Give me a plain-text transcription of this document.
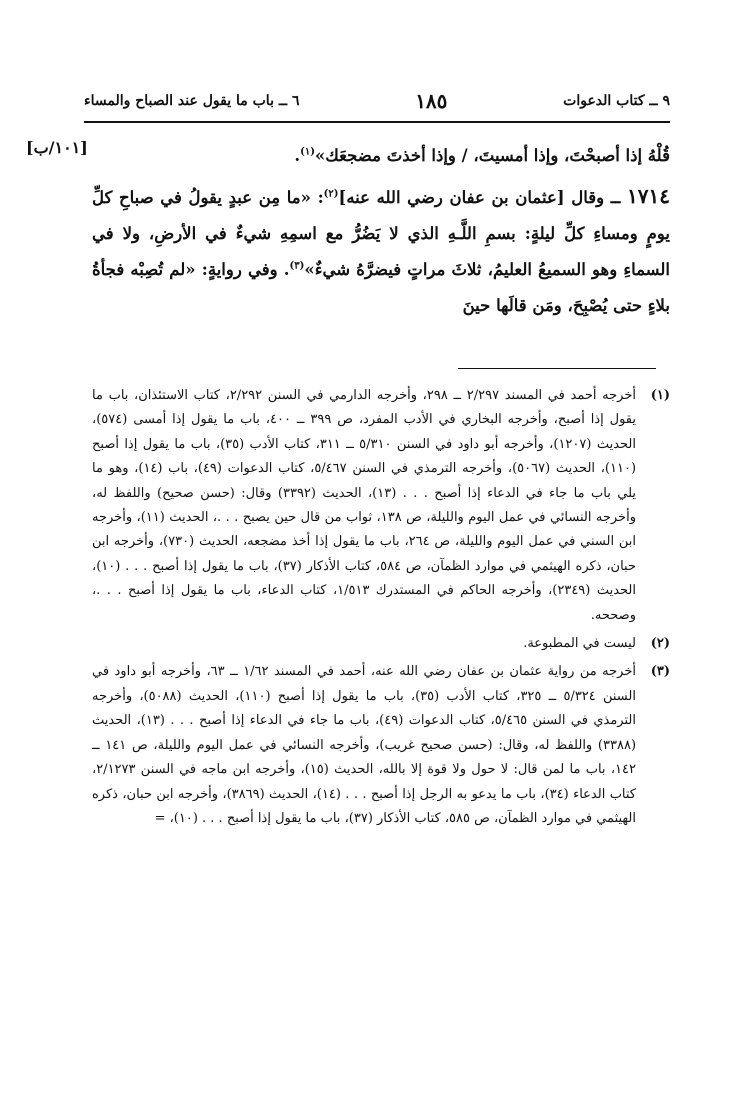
٩ ــ كتاب الدعوات
١٨٥
٦ ــ باب ما يقول عند الصباح والمساء
[١٠١/ب]	قُلْهُ إذا أصبحْتَ، وإذا أمسيتَ، / وإذا أخذتَ مضجعَك»$^{(١)}$.

١٧١٤ ــ وقال [عثمان بن عفان رضي الله عنه]$^{(٢)}$: «ما مِن عبدٍ يقولُ في صباحِ كلِّ يومٍ ومساءِ كلِّ ليلةٍ: بسمِ اللَّـهِ الذي لا يَضُرُّ مع اسمِهِ شيءٌ في الأرضِ، ولا في السماءِ وهو السميعُ العليمُ، ثلاثَ مراتٍ فيضرَّهُ شيءٌ»$^{(٣)}$. وفي روايةٍ: «لم تُصِبْه فجأةُ بلاءٍ حتى يُصْبِحَ، ومَن قالَها حينَ

(١)
أخرجه أحمد في المسند ٢/٢٩٧ ــ ٢٩٨، وأخرجه الدارمي في السنن ٢/٢٩٢، كتاب الاستئذان، باب ما يقول إذا أصبح، وأخرجه البخاري في الأدب المفرد، ص ٣٩٩ ــ ٤٠٠، باب ما يقول إذا أمسى (٥٧٤)، الحديث (١٢٠٧)، وأخرجه أبو داود في السنن ٥/٣١٠ ــ ٣١١، كتاب الأدب (٣٥)، باب ما يقول إذا أصبح (١١٠)، الحديث (٥٠٦٧)، وأخرجه الترمذي في السنن ٥/٤٦٧، كتاب الدعوات (٤٩)، باب (١٤)، وهو ما يلي باب ما جاء في الدعاء إذا أصبح . . . (١٣)، الحديث (٣٣٩٢) وقال: (حسن صحيح) واللفظ له، وأخرجه النسائي في عمل اليوم والليلة، ص ١٣٨، ثواب من قال حين يصبح . . .، الحديث (١١)، وأخرجه ابن السني في عمل اليوم والليلة، ص ٢٦٤، باب ما يقول إذا أخذ مضجعه، الحديث (٧٣٠)، وأخرجه ابن حبان، ذكره الهيثمي في موارد الظمآن، ص ٥٨٤، كتاب الأذكار (٣٧)، باب ما يقول إذا أصبح . . . (١٠)، الحديث (٢٣٤٩)، وأخرجه الحاكم في المستدرك ١/٥١٣، كتاب الدعاء، باب ما يقول إذا أصبح . . .، وصححه.
(٢)
ليست في المطبوعة.
(٣)
أخرجه من رواية عثمان بن عفان رضي الله عنه، أحمد في المسند ١/٦٢ ــ ٦٣، وأخرجه أبو داود في السنن ٥/٣٢٤ ــ ٣٢٥، كتاب الأدب (٣٥)، باب ما يقول إذا أصبح (١١٠)، الحديث (٥٠٨٨)، وأخرجه الترمذي في السنن ٥/٤٦٥، كتاب الدعوات (٤٩)، باب ما جاء في الدعاء إذا أصبح . . . (١٣)، الحديث (٣٣٨٨) واللفظ له، وقال: (حسن صحيح غريب)، وأخرجه النسائي في عمل اليوم والليلة، ص ١٤١ ــ ١٤٢، باب ما لمن قال: لا حول ولا قوة إلا بالله، الحديث (١٥)، وأخرجه ابن ماجه في السنن ٢/١٢٧٣، كتاب الدعاء (٣٤)، باب ما يدعو به الرجل إذا أصبح . . . (١٤)، الحديث (٣٨٦٩)، وأخرجه ابن حبان، ذكره الهيثمي في موارد الظمآن، ص ٥٨٥، كتاب الأذكار (٣٧)، باب ما يقول إذا أصبح . . . (١٠)، =
